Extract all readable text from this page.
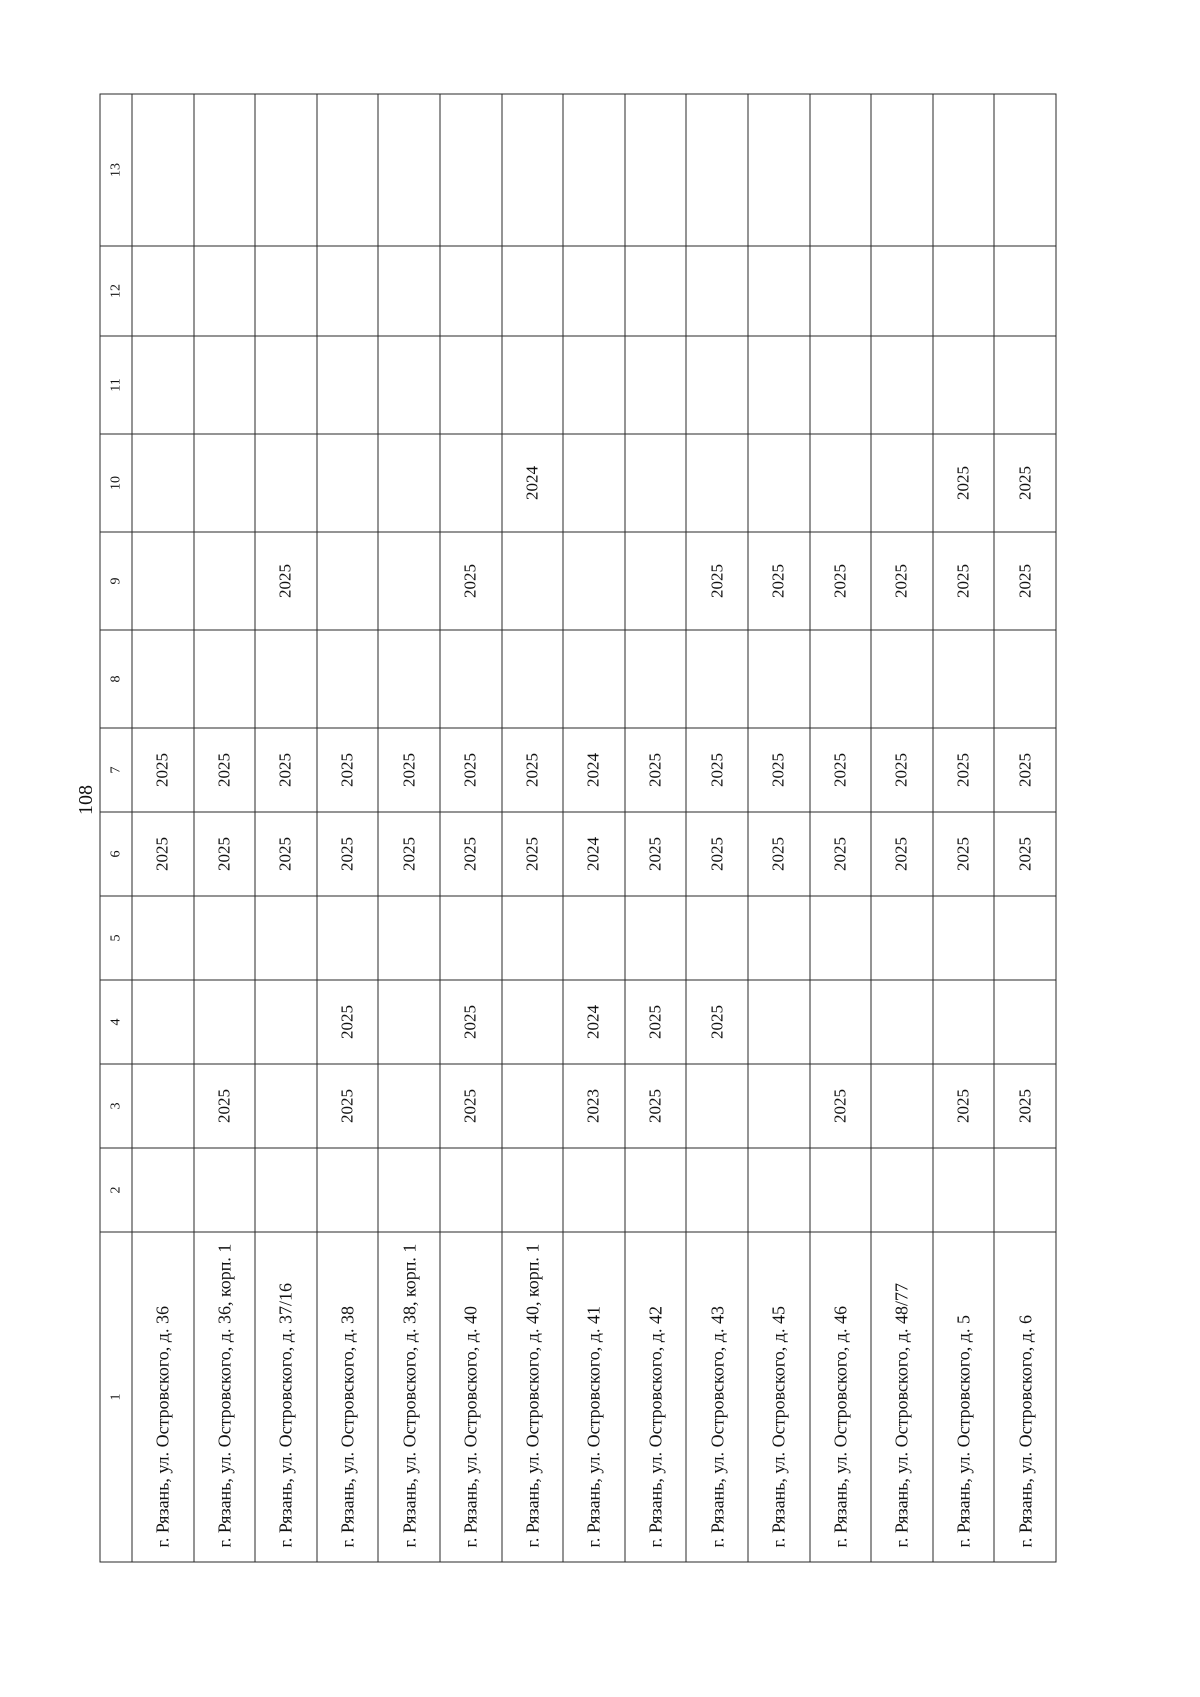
108
1	2	3	4	5	6	7	8	9	10	11	12	13
г. Рязань, ул. Островского, д. 36					2025	2025						
г. Рязань, ул. Островского, д. 36, корп. 1		2025			2025	2025						
г. Рязань, ул. Островского, д. 37/16					2025	2025		2025				
г. Рязань, ул. Островского, д. 38		2025	2025		2025	2025						
г. Рязань, ул. Островского, д. 38, корп. 1					2025	2025						
г. Рязань, ул. Островского, д. 40		2025	2025		2025	2025		2025				
г. Рязань, ул. Островского, д. 40, корп. 1					2025	2025			2024			
г. Рязань, ул. Островского, д. 41		2023	2024		2024	2024						
г. Рязань, ул. Островского, д. 42		2025	2025		2025	2025						
г. Рязань, ул. Островского, д. 43			2025		2025	2025		2025				
г. Рязань, ул. Островского, д. 45					2025	2025		2025				
г. Рязань, ул. Островского, д. 46		2025			2025	2025		2025				
г. Рязань, ул. Островского, д. 48/77					2025	2025		2025				
г. Рязань, ул. Островского, д. 5		2025			2025	2025		2025	2025			
г. Рязань, ул. Островского, д. 6		2025			2025	2025		2025	2025			
